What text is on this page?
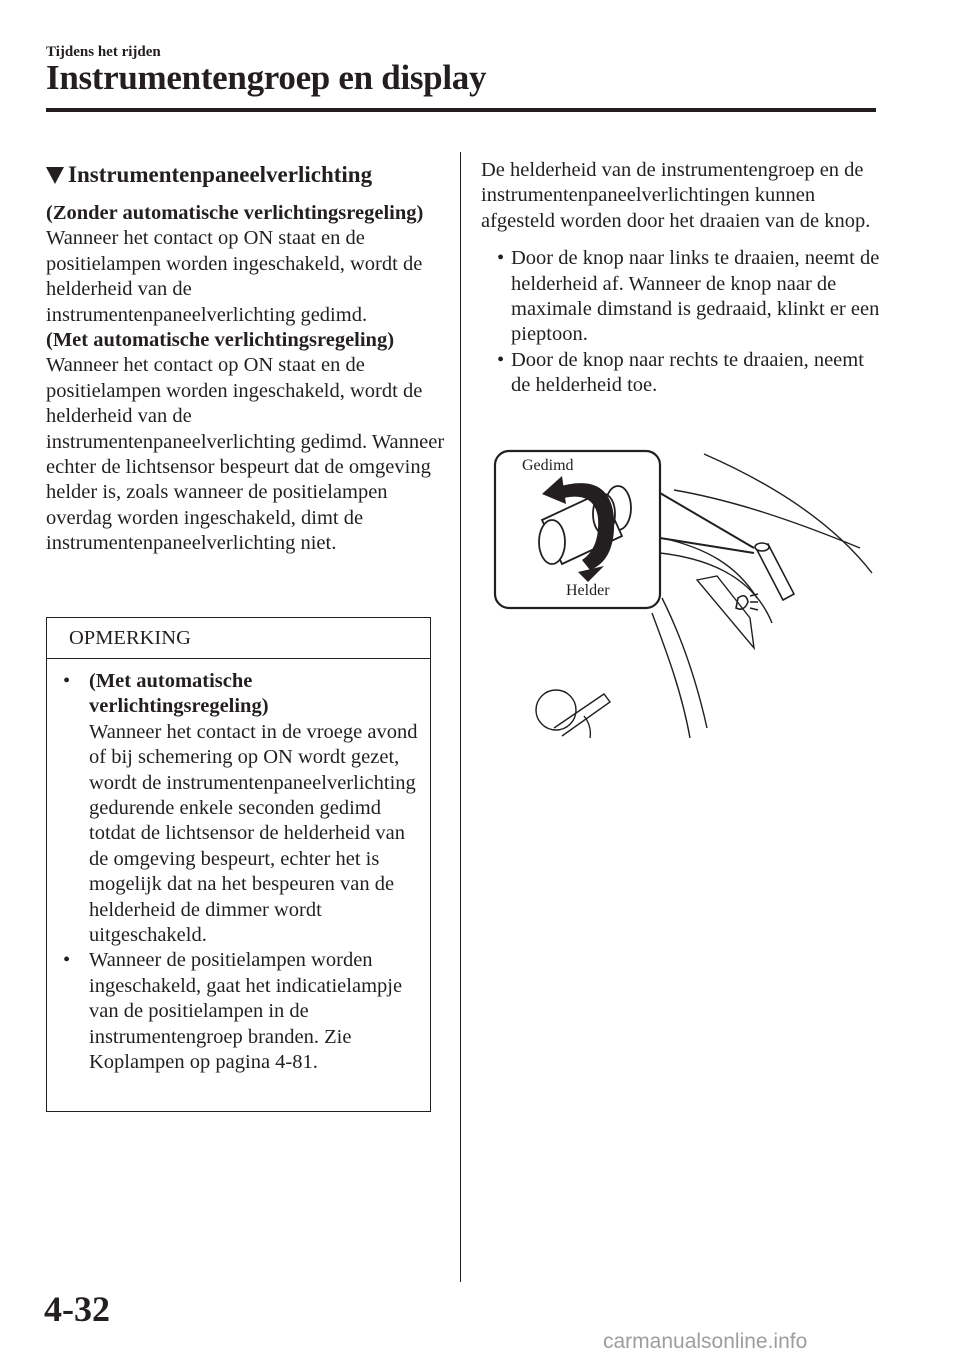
Tijdens het rijden
Instrumentengroep en display
Instrumentenpaneelverlichting

(Zonder automatische verlichtingsregeling)

Wanneer het contact op ON staat en de positielampen worden ingeschakeld, wordt de helderheid van de instrumentenpaneelverlichting gedimd.

(Met automatische verlichtingsregeling)

Wanneer het contact op ON staat en de positielampen worden ingeschakeld, wordt de helderheid van de instrumentenpaneelverlichting gedimd. Wanneer echter de lichtsensor bespeurt dat de omgeving helder is, zoals wanneer de positielampen overdag worden ingeschakeld, dimt de instrumentenpaneelverlichting niet.

OPMERKING
• (Met automatische verlichtingsregeling)
Wanneer het contact in de vroege avond of bij schemering op ON wordt gezet, wordt de instrumentenpaneelverlichting gedurende enkele seconden gedimd totdat de lichtsensor de helderheid van de omgeving bespeurt, echter het is mogelijk dat na het bespeuren van de helderheid de dimmer wordt uitgeschakeld.
• Wanneer de positielampen worden ingeschakeld, gaat het indicatielampje van de positielampen in de instrumentengroep branden. Zie Koplampen op pagina 4-81.

De helderheid van de instrumentengroep en de instrumentenpaneelverlichtingen kunnen afgesteld worden door het draaien van de knop.

• Door de knop naar links te draaien, neemt de helderheid af. Wanneer de knop naar de maximale dimstand is gedraaid, klinkt er een pieptoon.
• Door de knop naar rechts te draaien, neemt de helderheid toe.
Gedimd
Helder
4-32
carmanualsonline.info
